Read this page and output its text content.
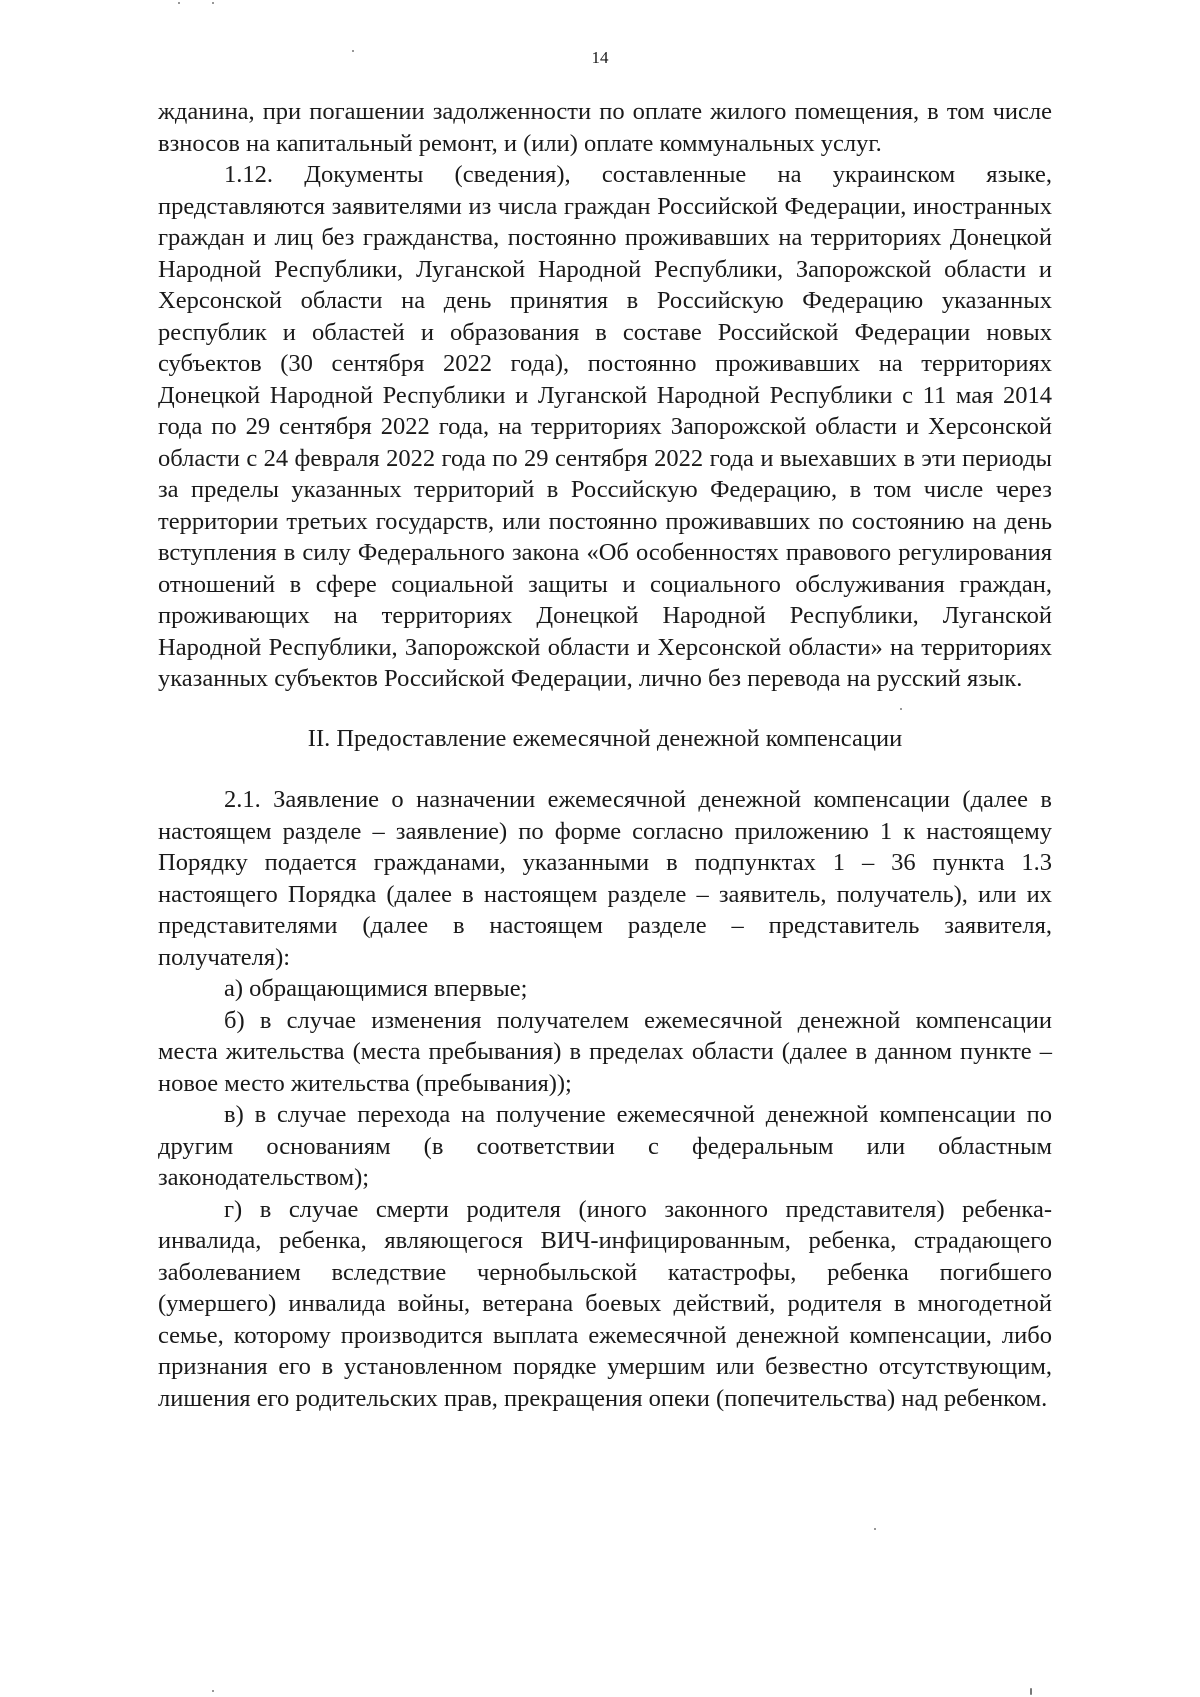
14

жданина, при погашении задолженности по оплате жилого помещения, в том числе взносов на капитальный ремонт, и (или) оплате коммунальных услуг.

1.12. Документы (сведения), составленные на украинском языке, представляются заявителями из числа граждан Российской Федерации, иностранных граждан и лиц без гражданства, постоянно проживавших на территориях Донецкой Народной Республики, Луганской Народной Республики, Запорожской области и Херсонской области на день принятия в Российскую Федерацию указанных республик и областей и образования в составе Российской Федерации новых субъектов (30 сентября 2022 года), постоянно проживавших на территориях Донецкой Народной Республики и Луганской Народной Республики с 11 мая 2014 года по 29 сентября 2022 года, на территориях Запорожской области и Херсонской области с 24 февраля 2022 года по 29 сентября 2022 года и выехавших в эти периоды за пределы указанных территорий в Российскую Федерацию, в том числе через территории третьих государств, или постоянно проживавших по состоянию на день вступления в силу Федерального закона «Об особенностях правового регулирования отношений в сфере социальной защиты и социального обслуживания граждан, проживающих на территориях Донецкой Народной Республики, Луганской Народной Республики, Запорожской области и Херсонской области» на территориях указанных субъектов Российской Федерации, лично без перевода на русский язык.

II. Предоставление ежемесячной денежной компенсации

2.1. Заявление о назначении ежемесячной денежной компенсации (далее в настоящем разделе – заявление) по форме согласно приложению 1 к настоящему Порядку подается гражданами, указанными в подпунктах 1 – 36 пункта 1.3 настоящего Порядка (далее в настоящем разделе – заявитель, получатель), или их представителями (далее в настоящем разделе – представитель заявителя, получателя):

а) обращающимися впервые;

б) в случае изменения получателем ежемесячной денежной компенсации места жительства (места пребывания) в пределах области (далее в данном пункте – новое место жительства (пребывания));

в) в случае перехода на получение ежемесячной денежной компенсации по другим основаниям (в соответствии с федеральным или областным законодательством);

г) в случае смерти родителя (иного законного представителя) ребенка-инвалида, ребенка, являющегося ВИЧ-инфицированным, ребенка, страдающего заболеванием вследствие чернобыльской катастрофы, ребенка погибшего (умершего) инвалида войны, ветерана боевых действий, родителя в многодетной семье, которому производится выплата ежемесячной денежной компенсации, либо признания его в установленном порядке умершим или безвестно отсутствующим, лишения его родительских прав, прекращения опеки (попечительства) над ребенком.
